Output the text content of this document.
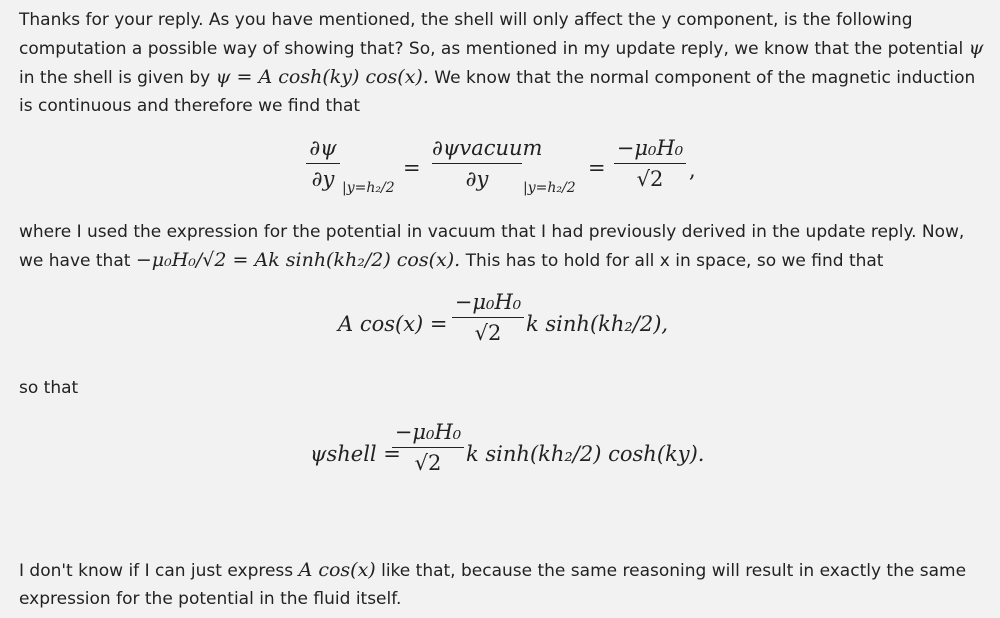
Thanks for your reply. As you have mentioned, the shell will only affect the y component, is the following computation a possible way of showing that? So, as mentioned in my update reply, we know that the potential ψ in the shell is given by ψ = A cosh(ky) cos(x). We know that the normal component of the magnetic induction is continuous and therefore we find that

∂ψ
∂y |y=h₂/2
=
∂ψvacuum
∂y	|y=h₂/2
=
−μ₀H₀
√2	,

where I used the expression for the potential in vacuum that I had previously derived in the update reply. Now, we have that −μ₀H₀/√2 = Ak sinh(kh₂/2) cos(x). This has to hold for all x in space, so we find that

A cos(x) =
−μ₀H₀
√2	k sinh(kh₂/2),

so that

ψshell =
−μ₀H₀
√2	k sinh(kh₂/2) cosh(ky).

I don't know if I can just express A cos(x) like that, because the same reasoning will result in exactly the same expression for the potential in the fluid itself.
